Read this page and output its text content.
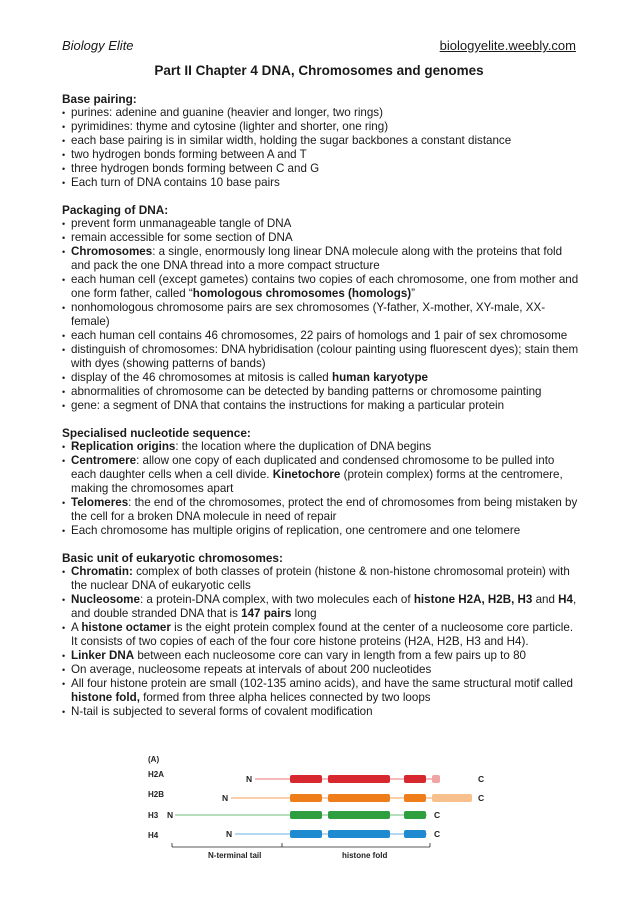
Biology Elite	biologyelite.weebly.com
Part II Chapter 4 DNA, Chromosomes and genomes
Base pairing:
• purines: adenine and guanine (heavier and longer, two rings)
• pyrimidines: thyme and cytosine (lighter and shorter, one ring)
• each base pairing is in similar width, holding the sugar backbones a constant distance
• two hydrogen bonds forming between A and T
• three hydrogen bonds forming between C and G
• Each turn of DNA contains 10 base pairs
Packaging of DNA:
• prevent form unmanageable tangle of DNA
• remain accessible for some section of DNA
• Chromosomes: a single, enormously long linear DNA molecule along with the proteins that fold and pack the one DNA thread into a more compact structure
• each human cell (except gametes) contains two copies of each chromosome, one from mother and one form father, called “homologous chromosomes (homologs)”
• nonhomologous chromosome pairs are sex chromosomes (Y-father, X-mother, XY-male, XX-female)
• each human cell contains 46 chromosomes, 22 pairs of homologs and 1 pair of sex chromosome
• distinguish of chromosomes: DNA hybridisation (colour painting using fluorescent dyes); stain them with dyes (showing patterns of bands)
• display of the 46 chromosomes at mitosis is called human karyotype
• abnormalities of chromosome can be detected by banding patterns or chromosome painting
• gene: a segment of DNA that contains the instructions for making a particular protein
Specialised nucleotide sequence:
• Replication origins: the location where the duplication of DNA begins
• Centromere: allow one copy of each duplicated and condensed chromosome to be pulled into each daughter cells when a cell divide. Kinetochore (protein complex) forms at the centromere, making the chromosomes apart
• Telomeres: the end of the chromosomes, protect the end of chromosomes from being mistaken by the cell for a broken DNA molecule in need of repair
• Each chromosome has multiple origins of replication, one centromere and one telomere
Basic unit of eukaryotic chromosomes:
• Chromatin: complex of both classes of protein (histone & non-histone chromosomal protein) with the nuclear DNA of eukaryotic cells
• Nucleosome: a protein-DNA complex, with two molecules each of histone H2A, H2B, H3 and H4, and double stranded DNA that is 147 pairs long
• A histone octamer is the eight protein complex found at the center of a nucleosome core particle. It consists of two copies of each of the four core histone proteins (H2A, H2B, H3 and H4).
• Linker DNA between each nucleosome core can vary in length from a few pairs up to 80
• On average, nucleosome repeats at intervals of about 200 nucleotides
• All four histone protein are small (102-135 amino acids), and have the same structural motif called histone fold, formed from three alpha helices connected by two loops
• N-tail is subjected to several forms of covalent modification
(A)
H2A	N	C
H2B	N	C
H3 N	C
H4	N	C
N-terminal tail	histone fold
